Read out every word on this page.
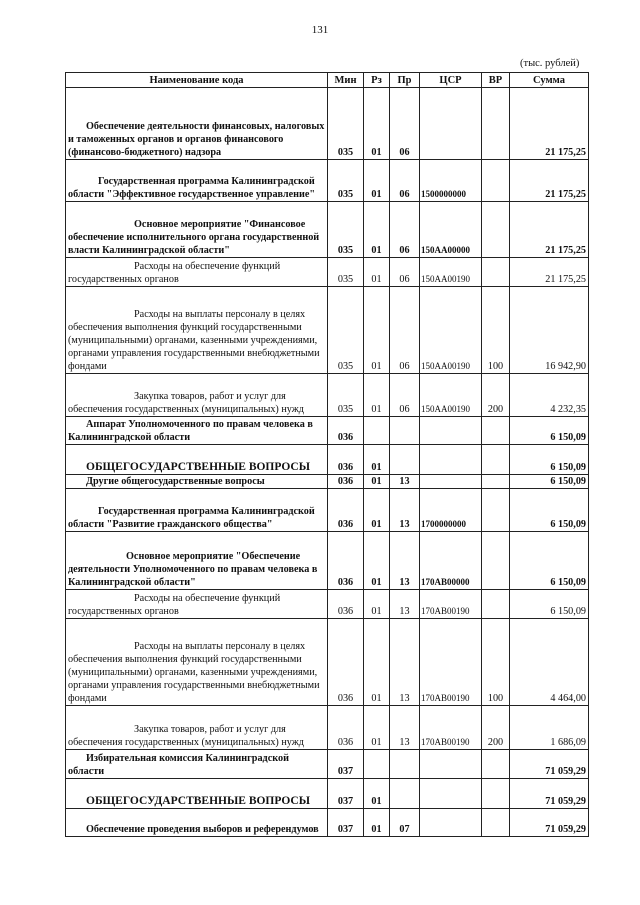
131
(тыс. рублей)
Наименование кода	Мин	Рз	Пр	ЦСР	ВР	Сумма
Обеспечение деятельности финансовых, налоговых и таможенных органов и органов финансового (финансово-бюджетного) надзора	035	01	06			21 175,25
Государственная программа Калининградской области "Эффективное государственное управление"	035	01	06	1500000000		21 175,25
Основное мероприятие "Финансовое обеспечение исполнительного органа государственной власти Калининградской области"	035	01	06	150АА00000		21 175,25
Расходы на обеспечение функций государственных органов	035	01	06	150АА00190		21 175,25
Расходы на выплаты персоналу в целях обеспечения выполнения функций государственными (муниципальными) органами, казенными учреждениями, органами управления государственными внебюджетными фондами	035	01	06	150АА00190	100	16 942,90
Закупка товаров, работ и услуг для обеспечения государственных (муниципальных) нужд	035	01	06	150АА00190	200	4 232,35
Аппарат Уполномоченного по правам человека в Калининградской области	036					6 150,09
ОБЩЕГОСУДАРСТВЕННЫЕ ВОПРОСЫ	036	01				6 150,09
Другие общегосударственные вопросы	036	01	13			6 150,09
Государственная программа Калининградской области "Развитие гражданского общества"	036	01	13	1700000000		6 150,09
Основное мероприятие "Обеспечение деятельности Уполномоченного по правам человека в Калининградской области"	036	01	13	170АВ00000		6 150,09
Расходы на обеспечение функций государственных органов	036	01	13	170АВ00190		6 150,09
Расходы на выплаты персоналу в целях обеспечения выполнения функций государственными (муниципальными) органами, казенными учреждениями, органами управления государственными внебюджетными фондами	036	01	13	170АВ00190	100	4 464,00
Закупка товаров, работ и услуг для обеспечения государственных (муниципальных) нужд	036	01	13	170АВ00190	200	1 686,09
Избирательная комиссия Калининградской области	037					71 059,29
ОБЩЕГОСУДАРСТВЕННЫЕ ВОПРОСЫ	037	01				71 059,29
Обеспечение проведения выборов и референдумов	037	01	07			71 059,29
